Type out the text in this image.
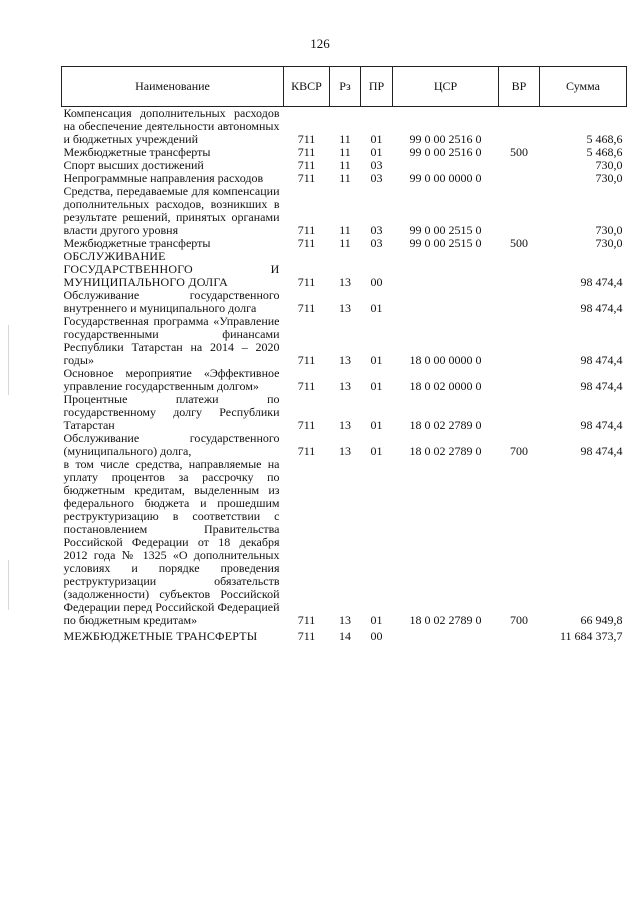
126
Наименование	КВСР	Рз	ПР	ЦСР	ВР	Сумма
Компенсация дополнительных расходов на обеспечение деятельности автономных и бюджетных учреждений	711	11	01	99 0 00 2516 0		5 468,6
Межбюджетные трансферты	711	11	01	99 0 00 2516 0	500	5 468,6
Спорт высших достижений	711	11	03			730,0
Непрограммные направления расходов	711	11	03	99 0 00 0000 0		730,0
Средства, передаваемые для компенсации дополнительных расходов, возникших в результате решений, принятых органами власти другого уровня	711	11	03	99 0 00 2515 0		730,0
Межбюджетные трансферты	711	11	03	99 0 00 2515 0	500	730,0
ОБСЛУЖИВАНИЕ ГОСУДАРСТВЕННОГО И МУНИЦИПАЛЬНОГО ДОЛГА	711	13	00			98 474,4
Обслуживание государственного внутреннего и муниципального долга	711	13	01			98 474,4
Государственная программа «Управление государственными финансами Республики Татарстан на 2014 – 2020 годы»	711	13	01	18 0 00 0000 0		98 474,4
Основное мероприятие «Эффективное управление государственным долгом»	711	13	01	18 0 02 0000 0		98 474,4
Процентные платежи по государственному долгу Республики Татарстан	711	13	01	18 0 02 2789 0		98 474,4
Обслуживание государственного (муниципального) долга,	711	13	01	18 0 02 2789 0	700	98 474,4
в том числе средства, направляемые на уплату процентов за рассрочку по бюджетным кредитам, выделенным из федерального бюджета и прошедшим реструктуризацию в соответствии с постановлением Правительства Российской Федерации от 18 декабря 2012 года № 1325 «О дополнительных условиях и порядке проведения реструктуризации обязательств (задолженности) субъектов Российской Федерации перед Российской Федерацией по бюджетным кредитам»	711	13	01	18 0 02 2789 0	700	66 949,8
МЕЖБЮДЖЕТНЫЕ ТРАНСФЕРТЫ	711	14	00			11 684 373,7
